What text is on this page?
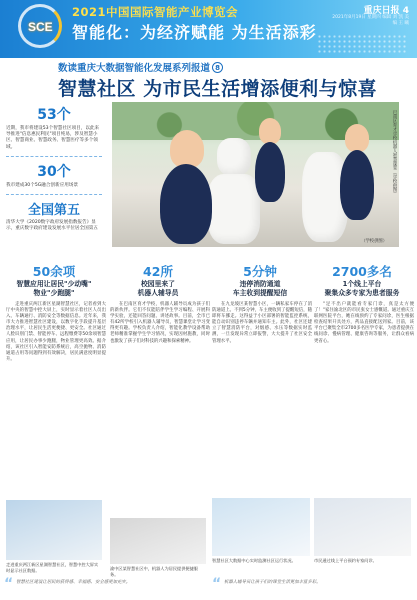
SCE
2021中国国际智能产业博览会
智能化：为经济赋能 为生活添彩
重庆日报 4
2021年8月19日 星期四 编辑 刘 凯 美编 王 曦
数读重庆大数据智能化发展系列报道 8
智慧社区 为市民生活增添便利与惊喜
53个
近期，我市将建设53个智慧社区项目，以此来导推进"信息惠民利民"项目纯易，涉及智慧小区、智慧商业、智慧政务、智慧医疗等多个领域。
30个
我市建成30个5G融合创新应用场景
全国第五
清华大学《2020数字政府发展指数报告》显示，重庆数字政府建设发展水平位居全国第五
巴南区育才学校机器人智慧课堂（学校供图）
（学校供图）
50余项
智慧应用让居民"少动嘴"
物业"少跑腿"
42所
校园里来了
机器人辅导员
5分钟
违停消防通道
车主收到提醒短信
2700多名
1个线上平台
聚集众多专家为患者服务

走进重庆两江新区星湖智慧社区，记者看到大厅中央的智慧中控大屏上，实时显示着社区人员出入、车辆通行、消防安全等数据信息。近年来，我市大力推进智慧社区建设，以数字化手段提升基层治理水平，让居民生活更便捷、更安全。社区通过人脸识别门禁、智能停车、远程缴费等50余项智慧应用，让居民办事少跑腿，物业管理更高效。据介绍，该社区引入智能安防系统后，高空抛物、消防通道占用等问题得到有效解决，居民满意度明显提升。

走进重庆两江新区星湖智慧社区，智慧中控大屏实时显示社区数据。

在巴南区育才学校，机器人辅导员成为孩子们的新伙伴。它们不仅能陪伴学生学习编程、开展科学实验，还能回答问题、讲述故事。目前，全市已有42所学校引入机器人辅导员，智慧课堂让学习变得更有趣。学校负责人介绍，智能化教学设备帮助老师精准掌握学生学习情况，实现因材施教，同时也激发了孩子们对科技的兴趣和探索精神。

渝中区某智慧社区中，机器人为居民提供便捷服务。

在九龙坡区某智慧小区，一辆私家车停在了消防通道上。不到5分钟，车主便收到了提醒短信，随即将车挪走。这得益于小区部署的智能监控系统，能自动识别违停车辆并通知车主。此外，社区还建立了智慧消防平台，对烟感、水压等数据实时监测，一旦发现异常立即报警，大大提升了社区安全管理水平。

智慧社区大数据中心实时监测社区运行状况。

"足不出户就能看专家门诊，真是太方便了！"家住渝北区的市民张女士感慨道。通过重庆互联网医院平台，她在线预约了专家问诊，医生根据检查结果开具处方，药品直接配送到家。目前，该平台已聚集全市2700多名医学专家，为患者提供在线问诊、慢病管理、健康咨询等服务，让群众看病更省心。

市民通过线上平台预约专家问诊。
“ 智慧社区建设让居民的获得感、幸福感、安全感更加充实。	“ 机器人辅导员让孩子们的课堂生活更加丰富多彩。
